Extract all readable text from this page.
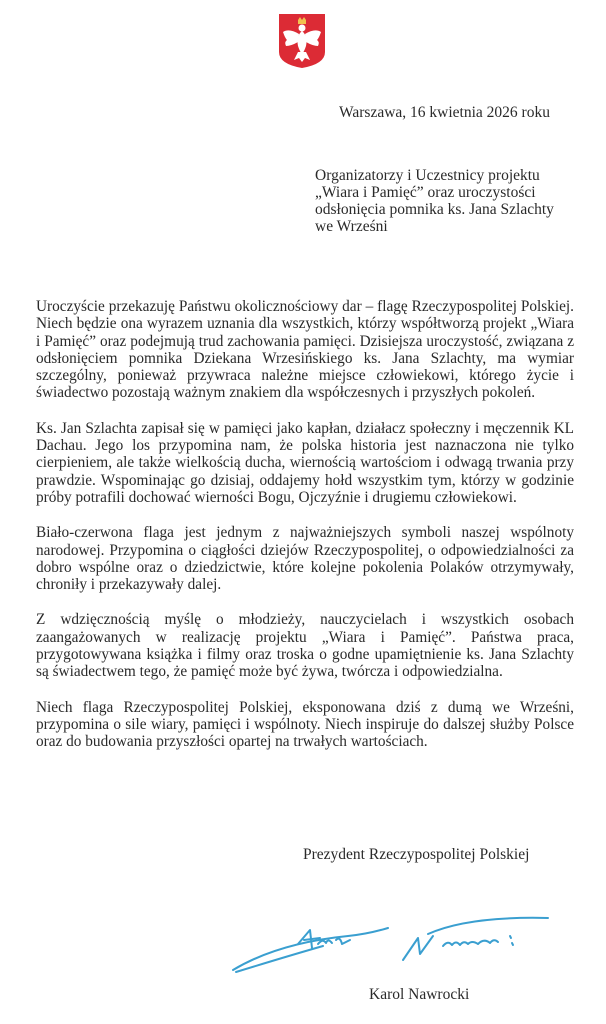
Warszawa, 16 kwietnia 2026 roku
Organizatorzy i Uczestnicy projektu
„Wiara i Pamięć” oraz uroczystości
odsłonięcia pomnika ks. Jana Szlachty
we Wrześni

Uroczyście przekazuję Państwu okolicznościowy dar – flagę Rzeczypospolitej Polskiej. Niech będzie ona wyrazem uznania dla wszystkich, którzy współtworzą projekt „Wiara i Pamięć” oraz podejmują trud zachowania pamięci. Dzisiejsza uroczystość, związana z odsłonięciem pomnika Dziekana Wrzesińskiego ks. Jana Szlachty, ma wymiar szczególny, ponieważ przywraca należne miejsce człowiekowi, którego życie i świadectwo pozostają ważnym znakiem dla współczesnych i przyszłych pokoleń.

Ks. Jan Szlachta zapisał się w pamięci jako kapłan, działacz społeczny i męczennik KL Dachau. Jego los przypomina nam, że polska historia jest naznaczona nie tylko cierpieniem, ale także wielkością ducha, wiernością wartościom i odwagą trwania przy prawdzie. Wspominając go dzisiaj, oddajemy hołd wszystkim tym, którzy w godzinie próby potrafili dochować wierności Bogu, Ojczyźnie i drugiemu człowiekowi.

Biało-czerwona flaga jest jednym z najważniejszych symboli naszej wspólnoty narodowej. Przypomina o ciągłości dziejów Rzeczypospolitej, o odpowiedzialności za dobro wspólne oraz o dziedzictwie, które kolejne pokolenia Polaków otrzymywały, chroniły i przekazywały dalej.

Z wdzięcznością myślę o młodzieży, nauczycielach i wszystkich osobach zaangażowanych w realizację projektu „Wiara i Pamięć”. Państwa praca, przygotowywana książka i filmy oraz troska o godne upamiętnienie ks. Jana Szlachty są świadectwem tego, że pamięć może być żywa, twórcza i odpowiedzialna.

Niech flaga Rzeczypospolitej Polskiej, eksponowana dziś z dumą we Wrześni, przypomina o sile wiary, pamięci i wspólnoty. Niech inspiruje do dalszej służby Polsce oraz do budowania przyszłości opartej na trwałych wartościach.

Prezydent Rzeczypospolitej Polskiej
Karol Nawrocki
